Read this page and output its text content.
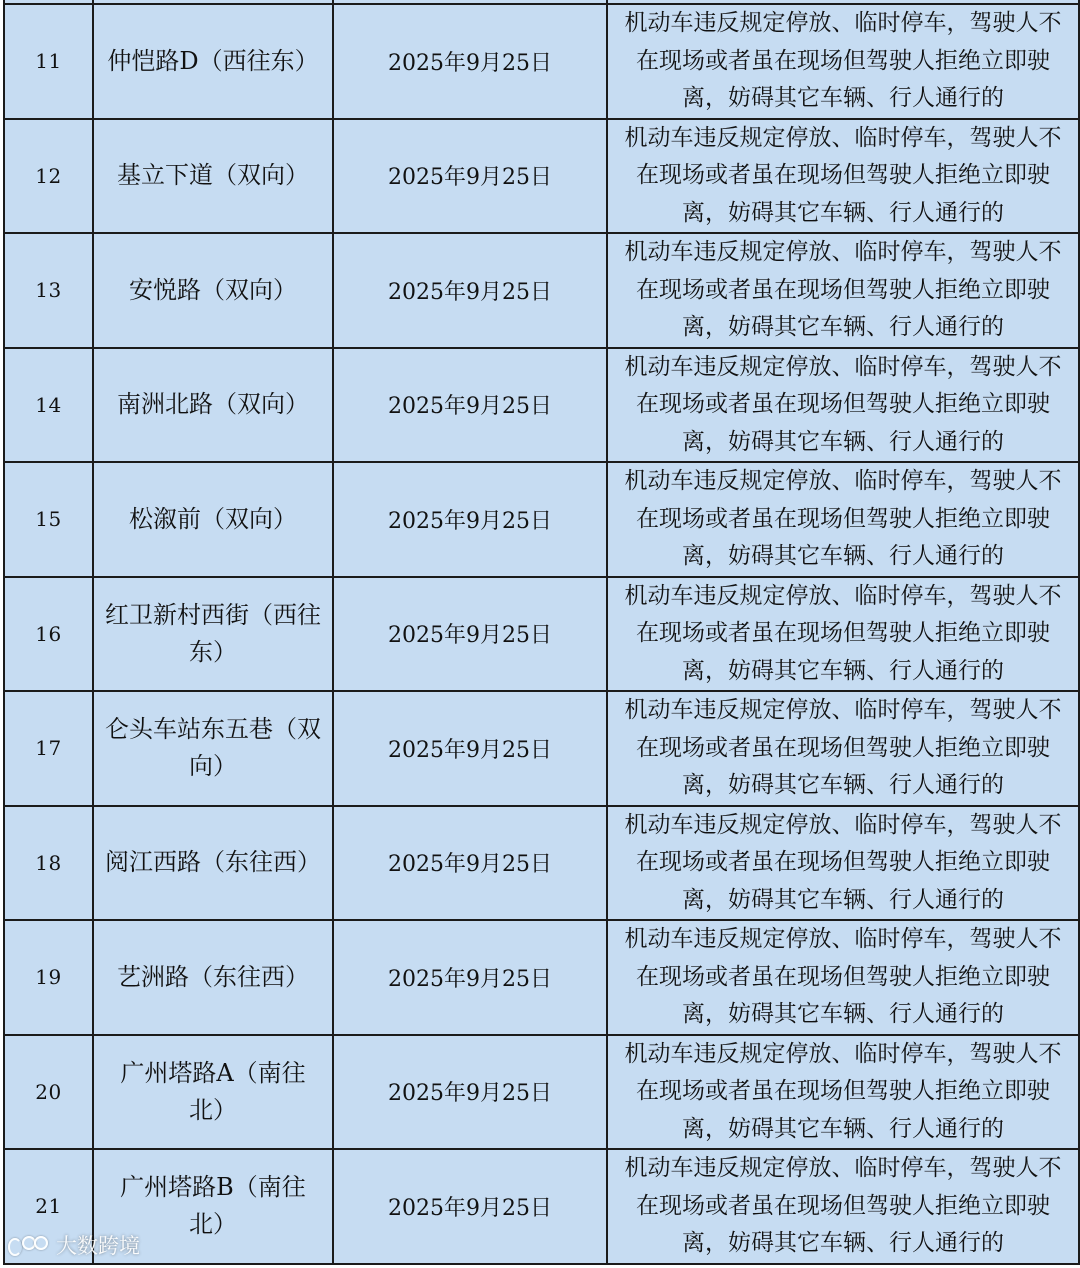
11	仲恺路D（西往东）	2025年9月25日	机动车违反规定停放、临时停车，驾驶人不在现场或者虽在现场但驾驶人拒绝立即驶离，妨碍其它车辆、行人通行的
12	基立下道（双向）	2025年9月25日	机动车违反规定停放、临时停车，驾驶人不在现场或者虽在现场但驾驶人拒绝立即驶离，妨碍其它车辆、行人通行的
13	安悦路（双向）	2025年9月25日	机动车违反规定停放、临时停车，驾驶人不在现场或者虽在现场但驾驶人拒绝立即驶离，妨碍其它车辆、行人通行的
14	南洲北路（双向）	2025年9月25日	机动车违反规定停放、临时停车，驾驶人不在现场或者虽在现场但驾驶人拒绝立即驶离，妨碍其它车辆、行人通行的
15	松溆前（双向）	2025年9月25日	机动车违反规定停放、临时停车，驾驶人不在现场或者虽在现场但驾驶人拒绝立即驶离，妨碍其它车辆、行人通行的
16	红卫新村西街（西往东）	2025年9月25日	机动车违反规定停放、临时停车，驾驶人不在现场或者虽在现场但驾驶人拒绝立即驶离，妨碍其它车辆、行人通行的
17	仑头车站东五巷（双向）	2025年9月25日	机动车违反规定停放、临时停车，驾驶人不在现场或者虽在现场但驾驶人拒绝立即驶离，妨碍其它车辆、行人通行的
18	阅江西路（东往西）	2025年9月25日	机动车违反规定停放、临时停车，驾驶人不在现场或者虽在现场但驾驶人拒绝立即驶离，妨碍其它车辆、行人通行的
19	艺洲路（东往西）	2025年9月25日	机动车违反规定停放、临时停车，驾驶人不在现场或者虽在现场但驾驶人拒绝立即驶离，妨碍其它车辆、行人通行的
20	广州塔路A（南往北）	2025年9月25日	机动车违反规定停放、临时停车，驾驶人不在现场或者虽在现场但驾驶人拒绝立即驶离，妨碍其它车辆、行人通行的
21	广州塔路B（南往北）	2025年9月25日	机动车违反规定停放、临时停车，驾驶人不在现场或者虽在现场但驾驶人拒绝立即驶离，妨碍其它车辆、行人通行的
大数跨境
